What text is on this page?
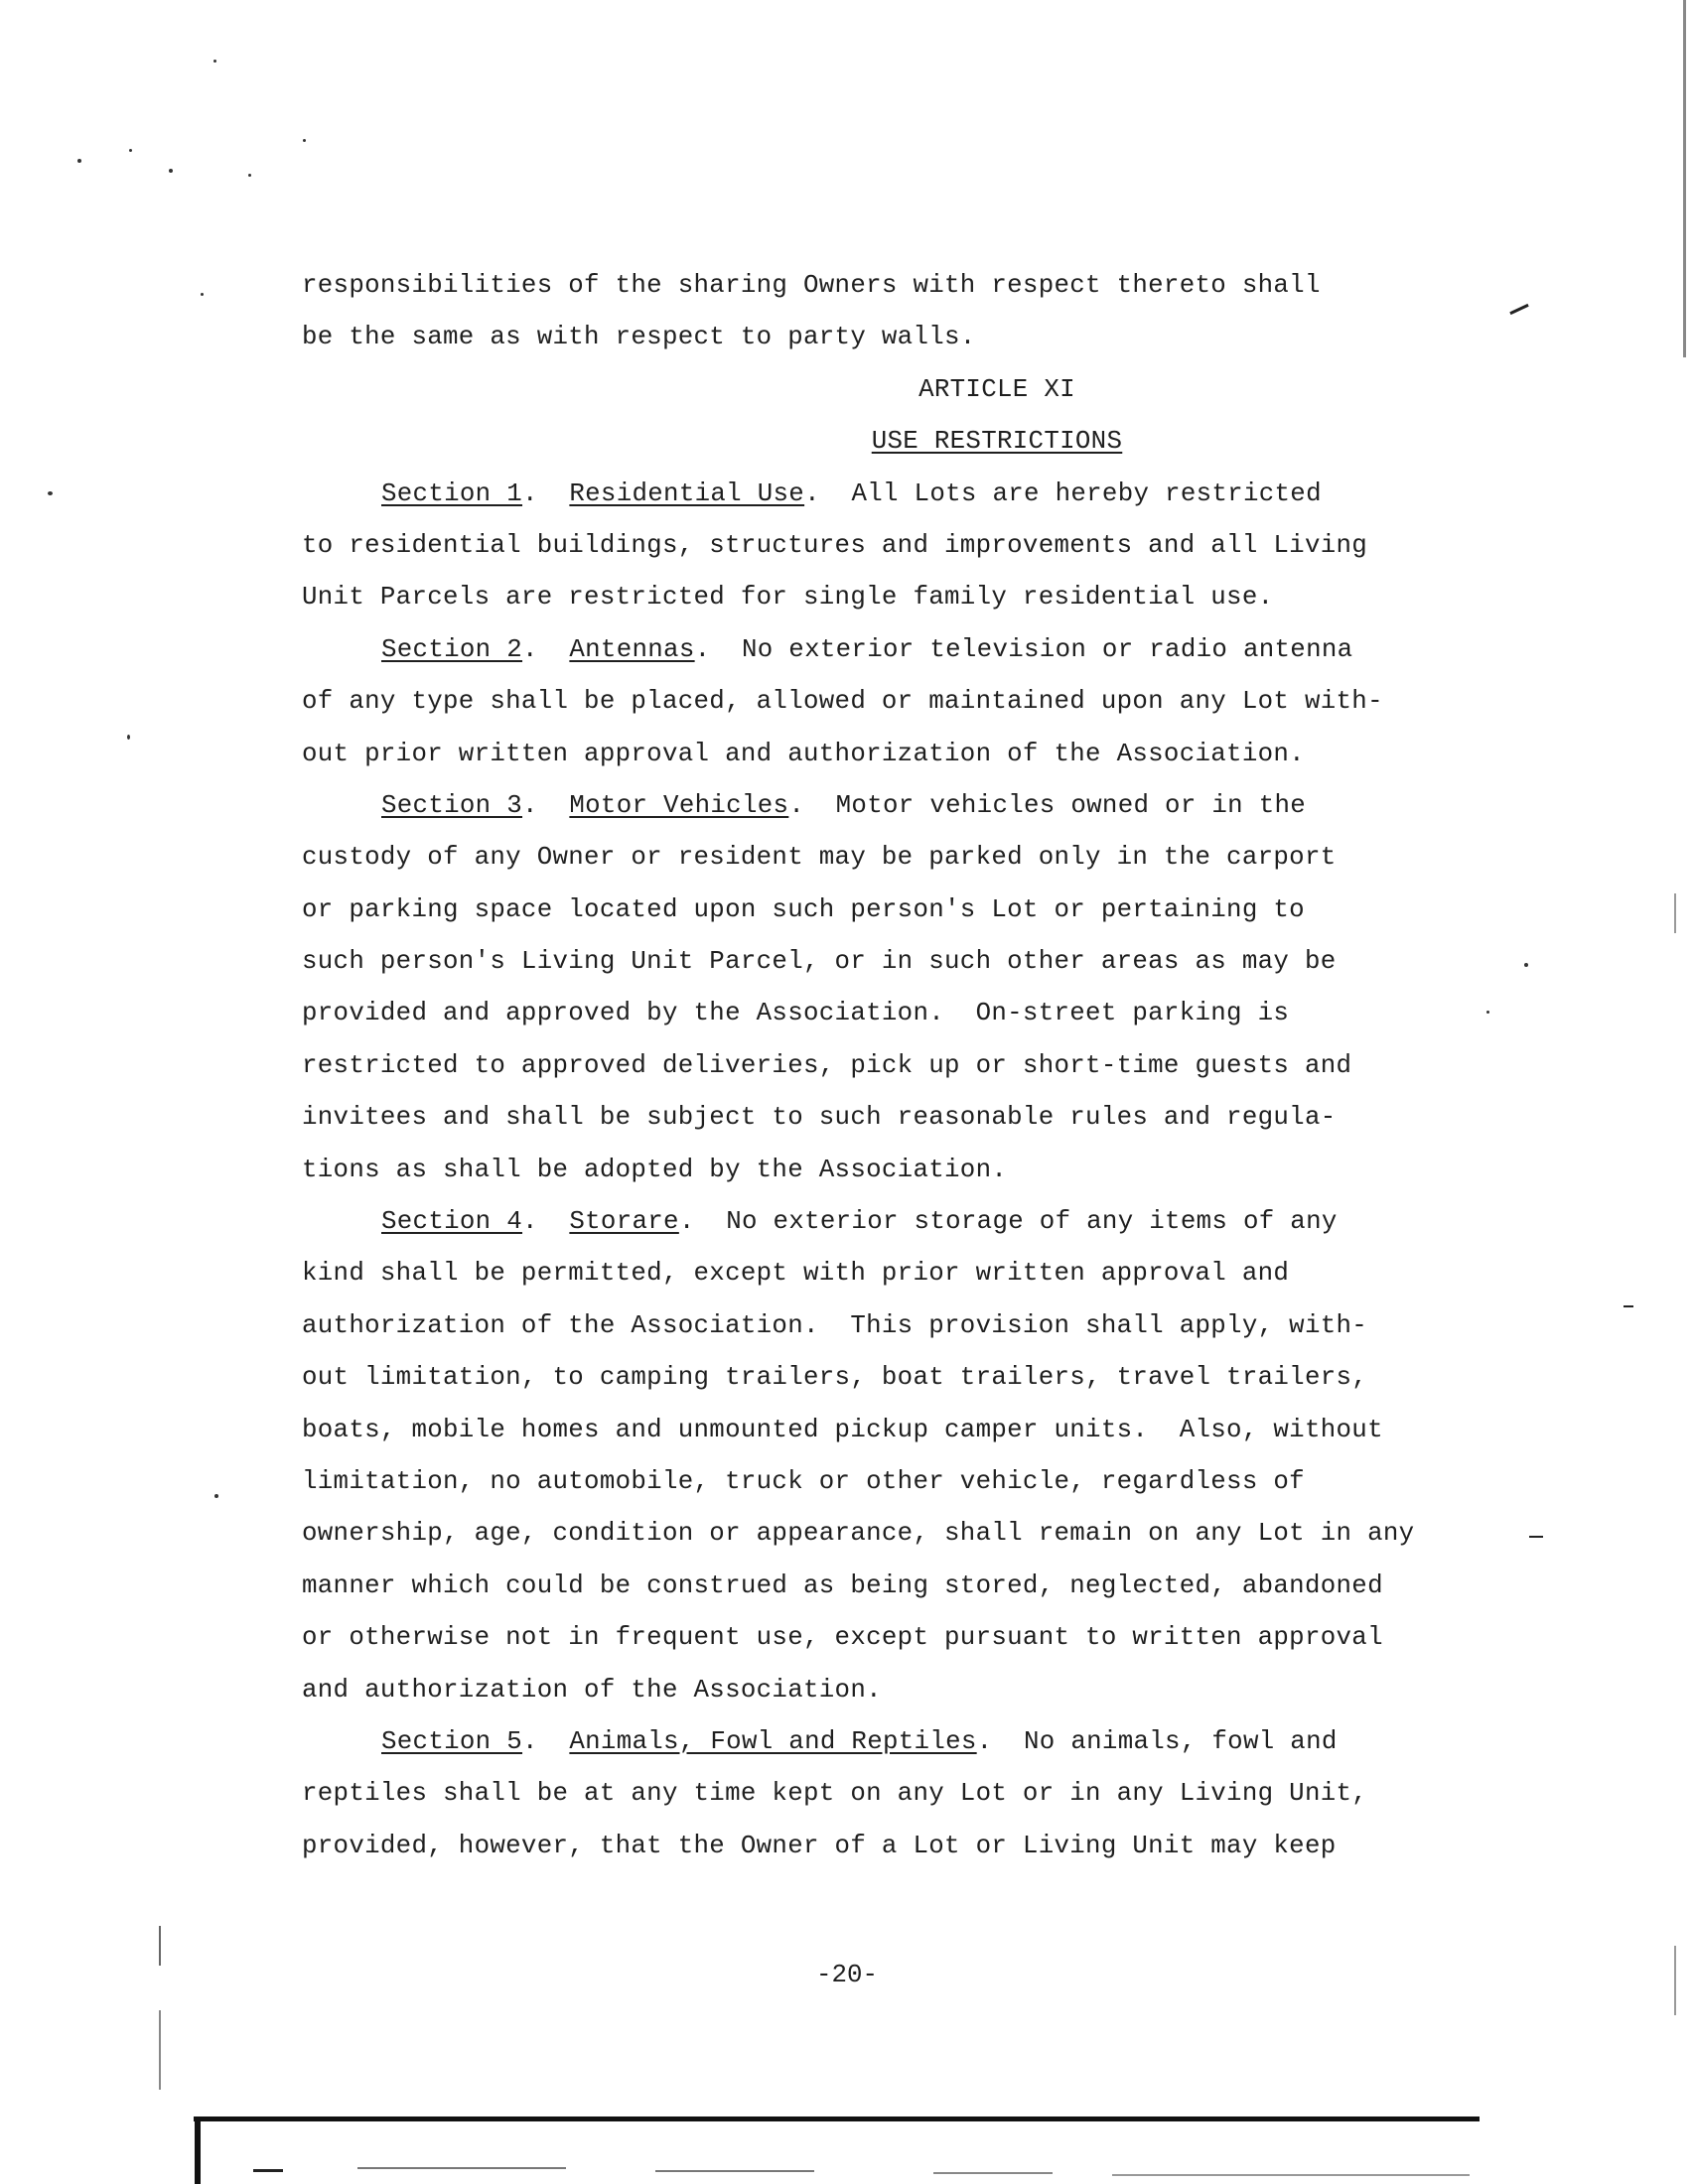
responsibilities of the sharing Owners with respect thereto shall
be the same as with respect to party walls.
ARTICLE XI
USE RESTRICTIONS
Section 1.  Residential Use.  All Lots are hereby restricted
to residential buildings, structures and improvements and all Living
Unit Parcels are restricted for single family residential use.
Section 2.  Antennas.  No exterior television or radio antenna
of any type shall be placed, allowed or maintained upon any Lot with-
out prior written approval and authorization of the Association.
Section 3.  Motor Vehicles.  Motor vehicles owned or in the
custody of any Owner or resident may be parked only in the carport
or parking space located upon such person's Lot or pertaining to
such person's Living Unit Parcel, or in such other areas as may be
provided and approved by the Association.  On-street parking is
restricted to approved deliveries, pick up or short-time guests and
invitees and shall be subject to such reasonable rules and regula-
tions as shall be adopted by the Association.
Section 4.  Storare.  No exterior storage of any items of any
kind shall be permitted, except with prior written approval and
authorization of the Association.  This provision shall apply, with-
out limitation, to camping trailers, boat trailers, travel trailers,
boats, mobile homes and unmounted pickup camper units.  Also, without
limitation, no automobile, truck or other vehicle, regardless of
ownership, age, condition or appearance, shall remain on any Lot in any
manner which could be construed as being stored, neglected, abandoned
or otherwise not in frequent use, except pursuant to written approval
and authorization of the Association.
Section 5.  Animals, Fowl and Reptiles.  No animals, fowl and
reptiles shall be at any time kept on any Lot or in any Living Unit,
provided, however, that the Owner of a Lot or Living Unit may keep
-20-
